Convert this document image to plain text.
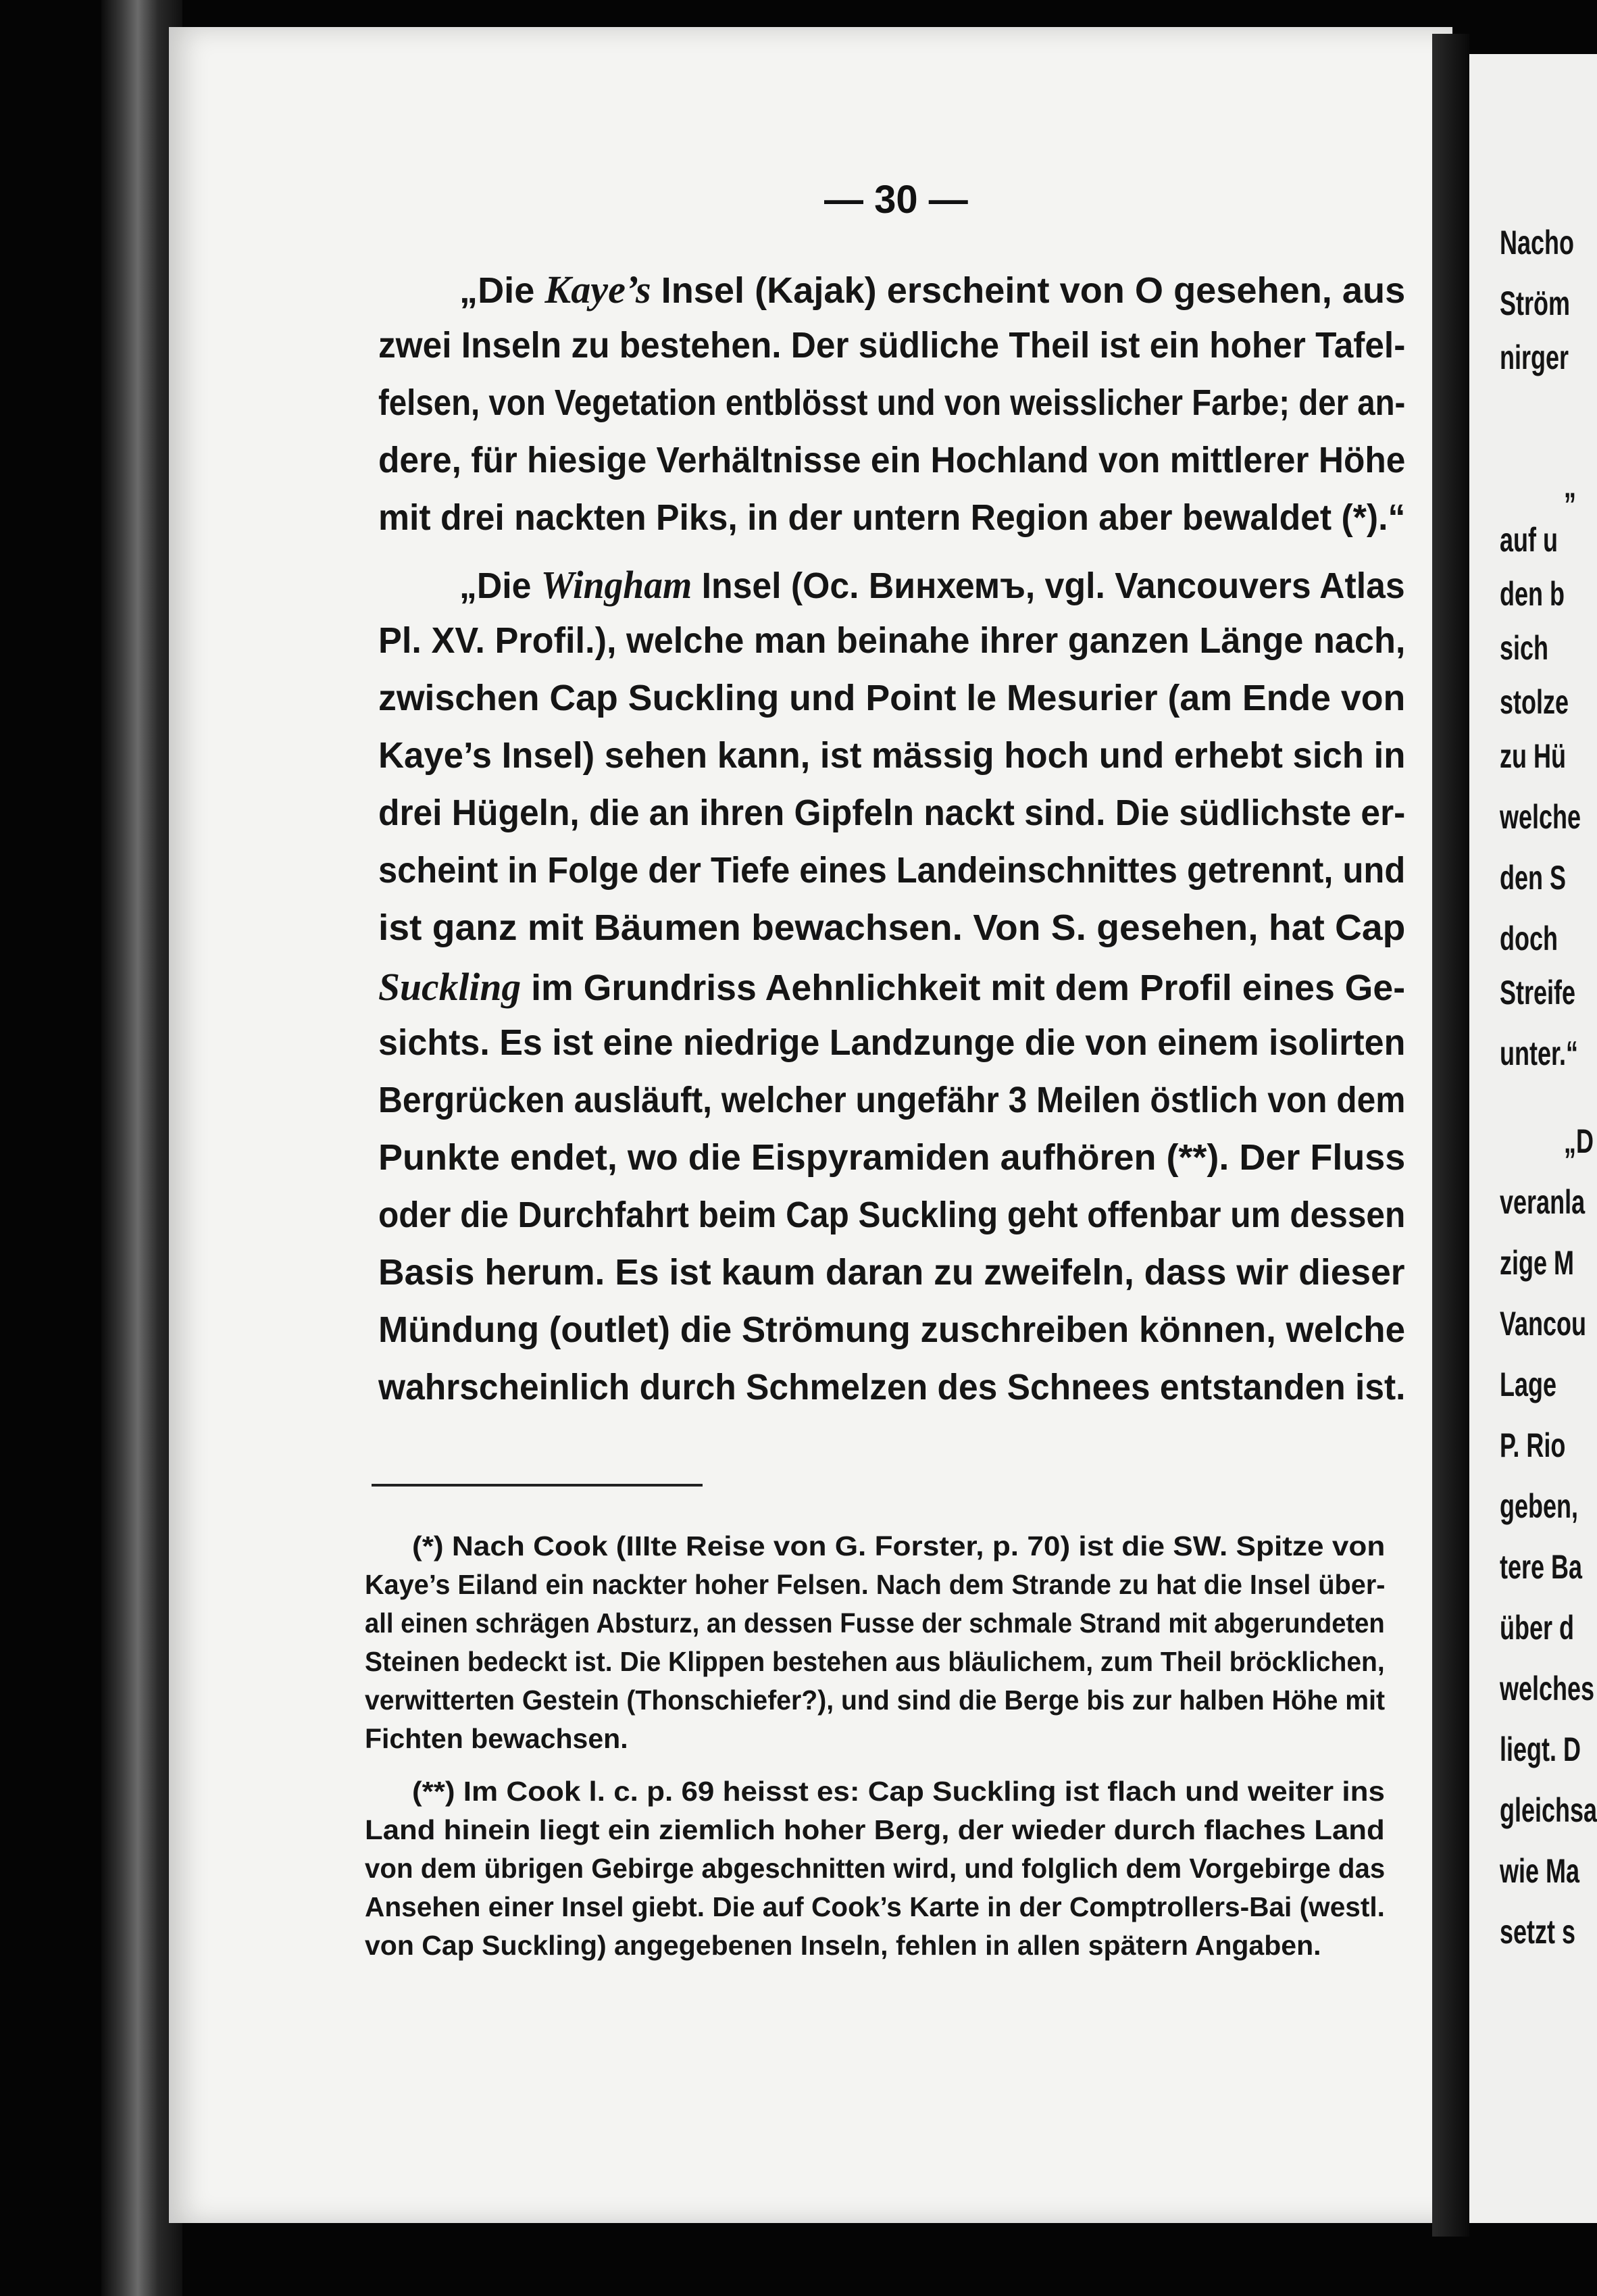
Nacho
Ström
nirger
„
auf u
den b
sich
stolze
zu Hü
welche
den S
doch
Streife
unter.“
„D
veranla
zige M
Vancou
Lage
P. Rio
geben,
tere Ba
über d
welches
liegt. D
gleichsa
wie Ma
setzt s
— 30 —
„Die Kaye’s Insel (Kajak) erscheint von O gesehen, aus
zwei Inseln zu bestehen. Der südliche Theil ist ein hoher Tafel-
felsen, von Vegetation entblösst und von weisslicher Farbe; der an-
dere, für hiesige Verhältnisse ein Hochland von mittlerer Höhe
mit drei nackten Piks, in der untern Region aber bewaldet (*).“
„Die Wingham Insel (Ос. Винхемъ, vgl. Vancouvers Atlas
Pl. XV. Profil.), welche man beinahe ihrer ganzen Länge nach,
zwischen Cap Suckling und Point le Mesurier (am Ende von
Kaye’s Insel) sehen kann, ist mässig hoch und erhebt sich in
drei Hügeln, die an ihren Gipfeln nackt sind. Die südlichste er-
scheint in Folge der Tiefe eines Landeinschnittes getrennt, und
ist ganz mit Bäumen bewachsen. Von S. gesehen, hat Cap
Suckling im Grundriss Aehnlichkeit mit dem Profil eines Ge-
sichts. Es ist eine niedrige Landzunge die von einem isolirten
Bergrücken ausläuft, welcher ungefähr 3 Meilen östlich von dem
Punkte endet, wo die Eispyramiden aufhören (**). Der Fluss
oder die Durchfahrt beim Cap Suckling geht offenbar um dessen
Basis herum. Es ist kaum daran zu zweifeln, dass wir dieser
Mündung (outlet) die Strömung zuschreiben können, welche
wahrscheinlich durch Schmelzen des Schnees entstanden ist.
(*) Nach Cook (IIIte Reise von G. Forster, p. 70) ist die SW. Spitze von
Kaye’s Eiland ein nackter hoher Felsen. Nach dem Strande zu hat die Insel über-
all einen schrägen Absturz, an dessen Fusse der schmale Strand mit abgerundeten
Steinen bedeckt ist. Die Klippen bestehen aus bläulichem, zum Theil bröcklichen,
verwitterten Gestein (Thonschiefer?), und sind die Berge bis zur halben Höhe mit
Fichten bewachsen.
(**) Im Cook l. c. p. 69 heisst es: Cap Suckling ist flach und weiter ins
Land hinein liegt ein ziemlich hoher Berg, der wieder durch flaches Land
von dem übrigen Gebirge abgeschnitten wird, und folglich dem Vorgebirge das
Ansehen einer Insel giebt. Die auf Cook’s Karte in der Comptrollers-Bai (westl.
von Cap Suckling) angegebenen Inseln, fehlen in allen spätern Angaben.
